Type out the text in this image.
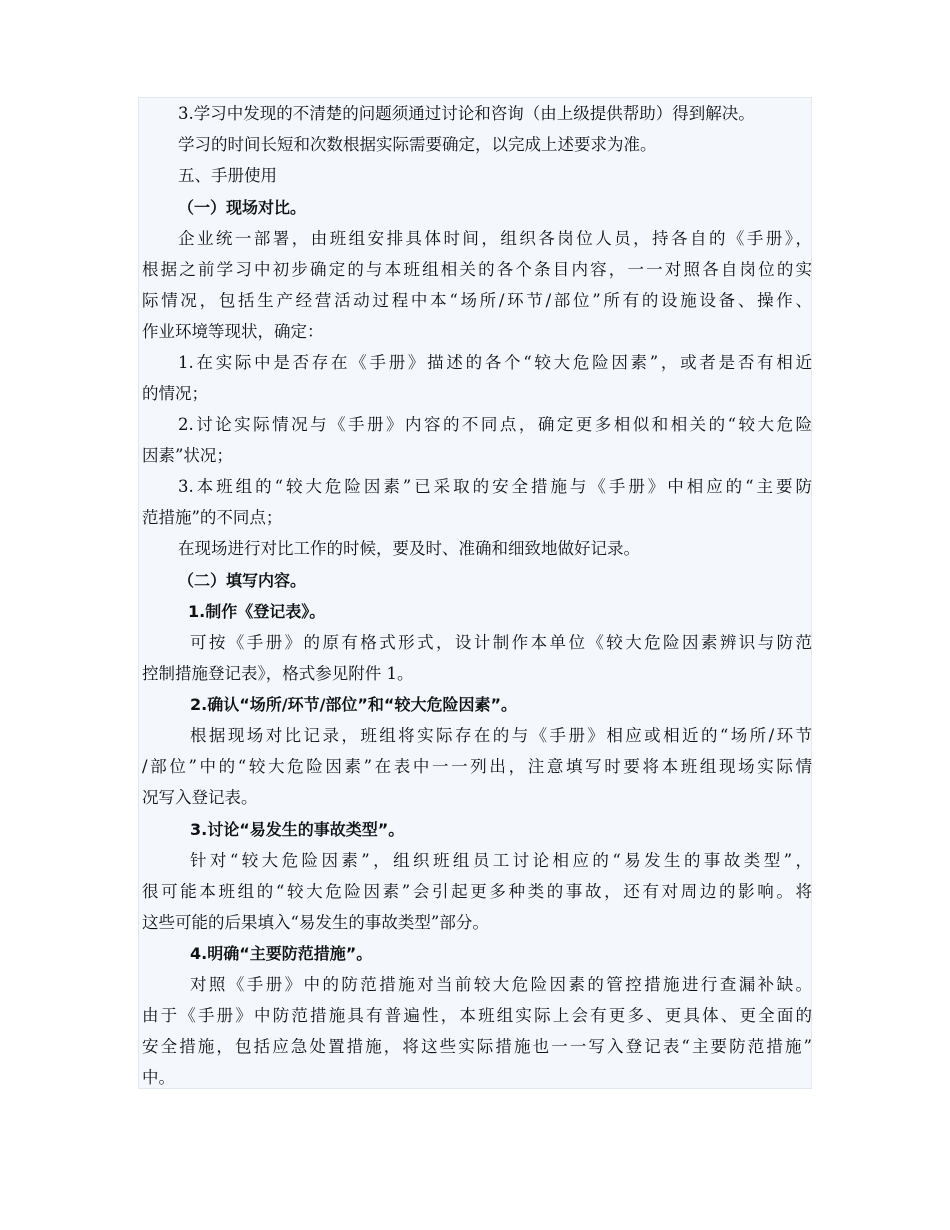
3.学习中发现的不清楚的问题须通过讨论和咨询（由上级提供帮助）得到解决。
学习的时间长短和次数根据实际需要确定，以完成上述要求为准。
五、手册使用
（一）现场对比。
企业统一部署，由班组安排具体时间，组织各岗位人员，持各自的《手册》，
根据之前学习中初步确定的与本班组相关的各个条目内容，一一对照各自岗位的实
际情况，包括生产经营活动过程中本“场所/环节/部位”所有的设施设备、操作、
作业环境等现状，确定：
1.在实际中是否存在《手册》描述的各个“较大危险因素”，或者是否有相近
的情况；
2.讨论实际情况与《手册》内容的不同点，确定更多相似和相关的“较大危险
因素”状况；
3.本班组的“较大危险因素”已采取的安全措施与《手册》中相应的“主要防
范措施”的不同点；
在现场进行对比工作的时候，要及时、准确和细致地做好记录。
（二）填写内容。
1.制作《登记表》。
可按《手册》的原有格式形式，设计制作本单位《较大危险因素辨识与防范
控制措施登记表》，格式参见附件 1。
2.确认“场所/环节/部位”和“较大危险因素”。
根据现场对比记录，班组将实际存在的与《手册》相应或相近的“场所/环节
/部位”中的“较大危险因素”在表中一一列出，注意填写时要将本班组现场实际情
况写入登记表。
3.讨论“易发生的事故类型”。
针对“较大危险因素”，组织班组员工讨论相应的“易发生的事故类型”，
很可能本班组的“较大危险因素”会引起更多种类的事故，还有对周边的影响。将
这些可能的后果填入“易发生的事故类型”部分。
4.明确“主要防范措施”。
对照《手册》中的防范措施对当前较大危险因素的管控措施进行查漏补缺。
由于《手册》中防范措施具有普遍性，本班组实际上会有更多、更具体、更全面的
安全措施，包括应急处置措施，将这些实际措施也一一写入登记表“主要防范措施”
中。
